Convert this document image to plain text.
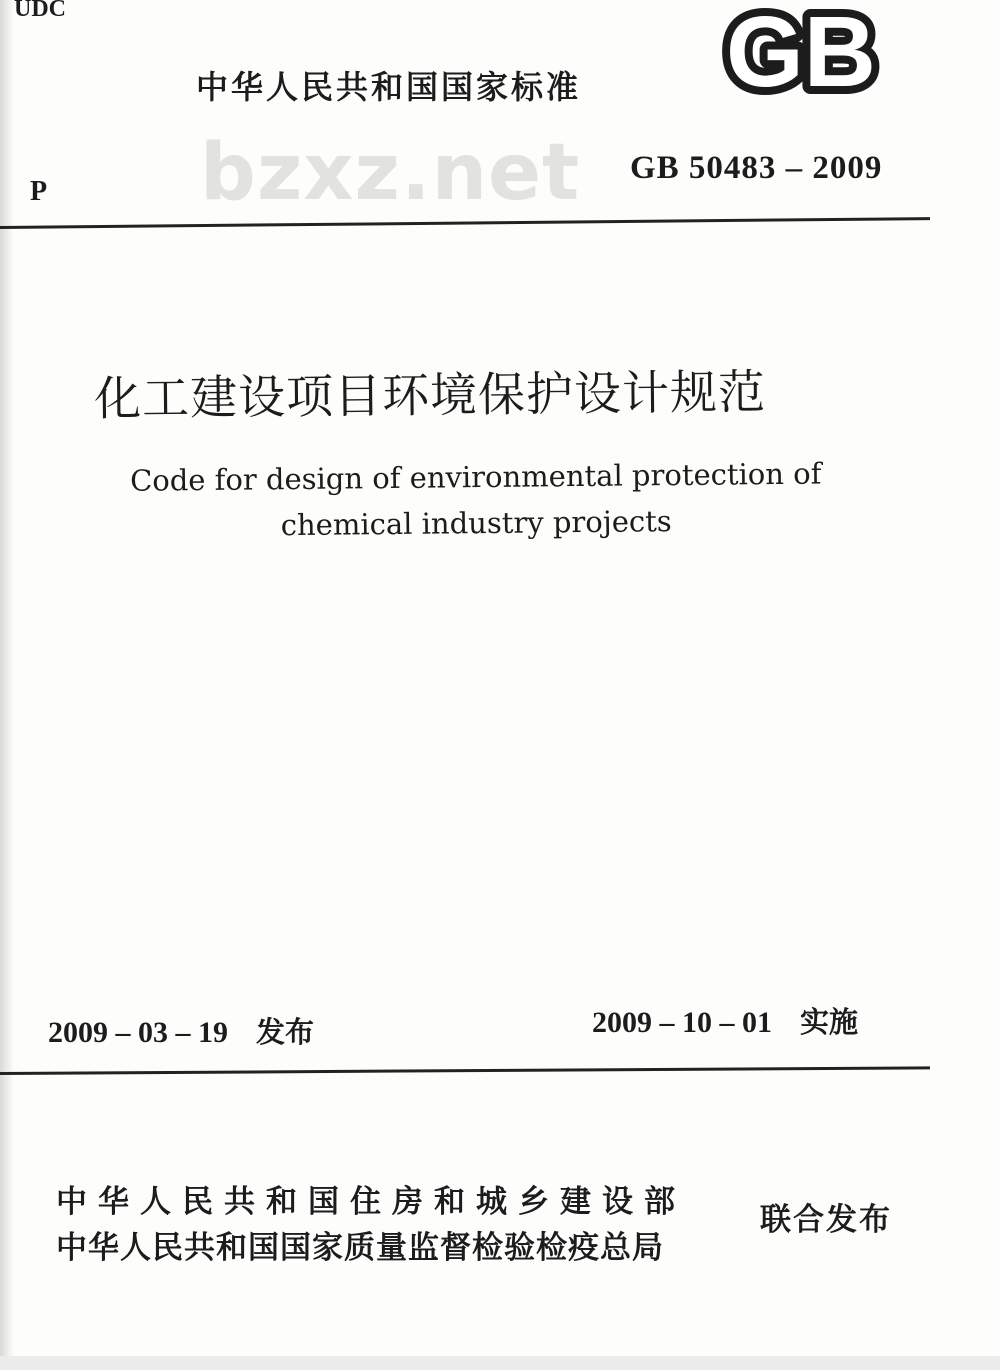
UDC
中华人民共和国国家标准 GB
P bzxz.net GB 50483 – 2009
化工建设项目环境保护设计规范
Code for design of environmental protection of chemical industry projects
2009 – 03 – 19 发布	2009 – 10 – 01 实施
中华人民共和国住房和城乡建设部
中华人民共和国国家质量监督检验检疫总局
联合发布
